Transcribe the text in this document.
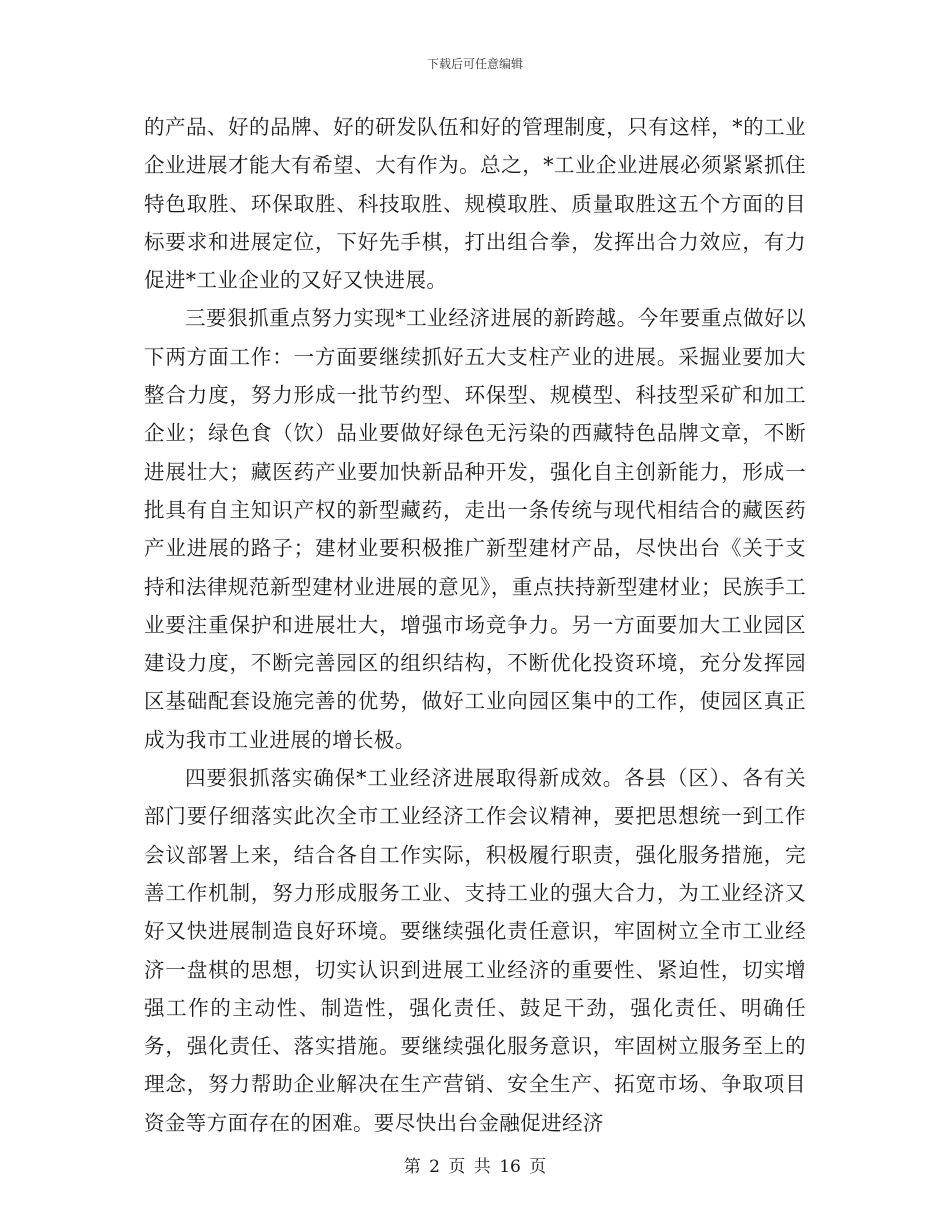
下载后可任意编辑

的产品、好的品牌、好的研发队伍和好的管理制度，只有这样，*的工业企业进展才能大有希望、大有作为。总之，*工业企业进展必须紧紧抓住特色取胜、环保取胜、科技取胜、规模取胜、质量取胜这五个方面的目标要求和进展定位，下好先手棋，打出组合拳，发挥出合力效应，有力促进*工业企业的又好又快进展。

三要狠抓重点努力实现*工业经济进展的新跨越。今年要重点做好以下两方面工作：一方面要继续抓好五大支柱产业的进展。采掘业要加大整合力度，努力形成一批节约型、环保型、规模型、科技型采矿和加工企业；绿色食（饮）品业要做好绿色无污染的西藏特色品牌文章，不断进展壮大；藏医药产业要加快新品种开发，强化自主创新能力，形成一批具有自主知识产权的新型藏药，走出一条传统与现代相结合的藏医药产业进展的路子；建材业要积极推广新型建材产品，尽快出台《关于支持和法律规范新型建材业进展的意见》，重点扶持新型建材业；民族手工业要注重保护和进展壮大，增强市场竞争力。另一方面要加大工业园区建设力度，不断完善园区的组织结构，不断优化投资环境，充分发挥园区基础配套设施完善的优势，做好工业向园区集中的工作，使园区真正成为我市工业进展的增长极。

四要狠抓落实确保*工业经济进展取得新成效。各县（区）、各有关部门要仔细落实此次全市工业经济工作会议精神，要把思想统一到工作会议部署上来，结合各自工作实际，积极履行职责，强化服务措施，完善工作机制，努力形成服务工业、支持工业的强大合力，为工业经济又好又快进展制造良好环境。要继续强化责任意识，牢固树立全市工业经济一盘棋的思想，切实认识到进展工业经济的重要性、紧迫性，切实增强工作的主动性、制造性，强化责任、鼓足干劲，强化责任、明确任务，强化责任、落实措施。要继续强化服务意识，牢固树立服务至上的理念，努力帮助企业解决在生产营销、安全生产、拓宽市场、争取项目资金等方面存在的困难。要尽快出台金融促进经济

第 2 页 共 16 页
